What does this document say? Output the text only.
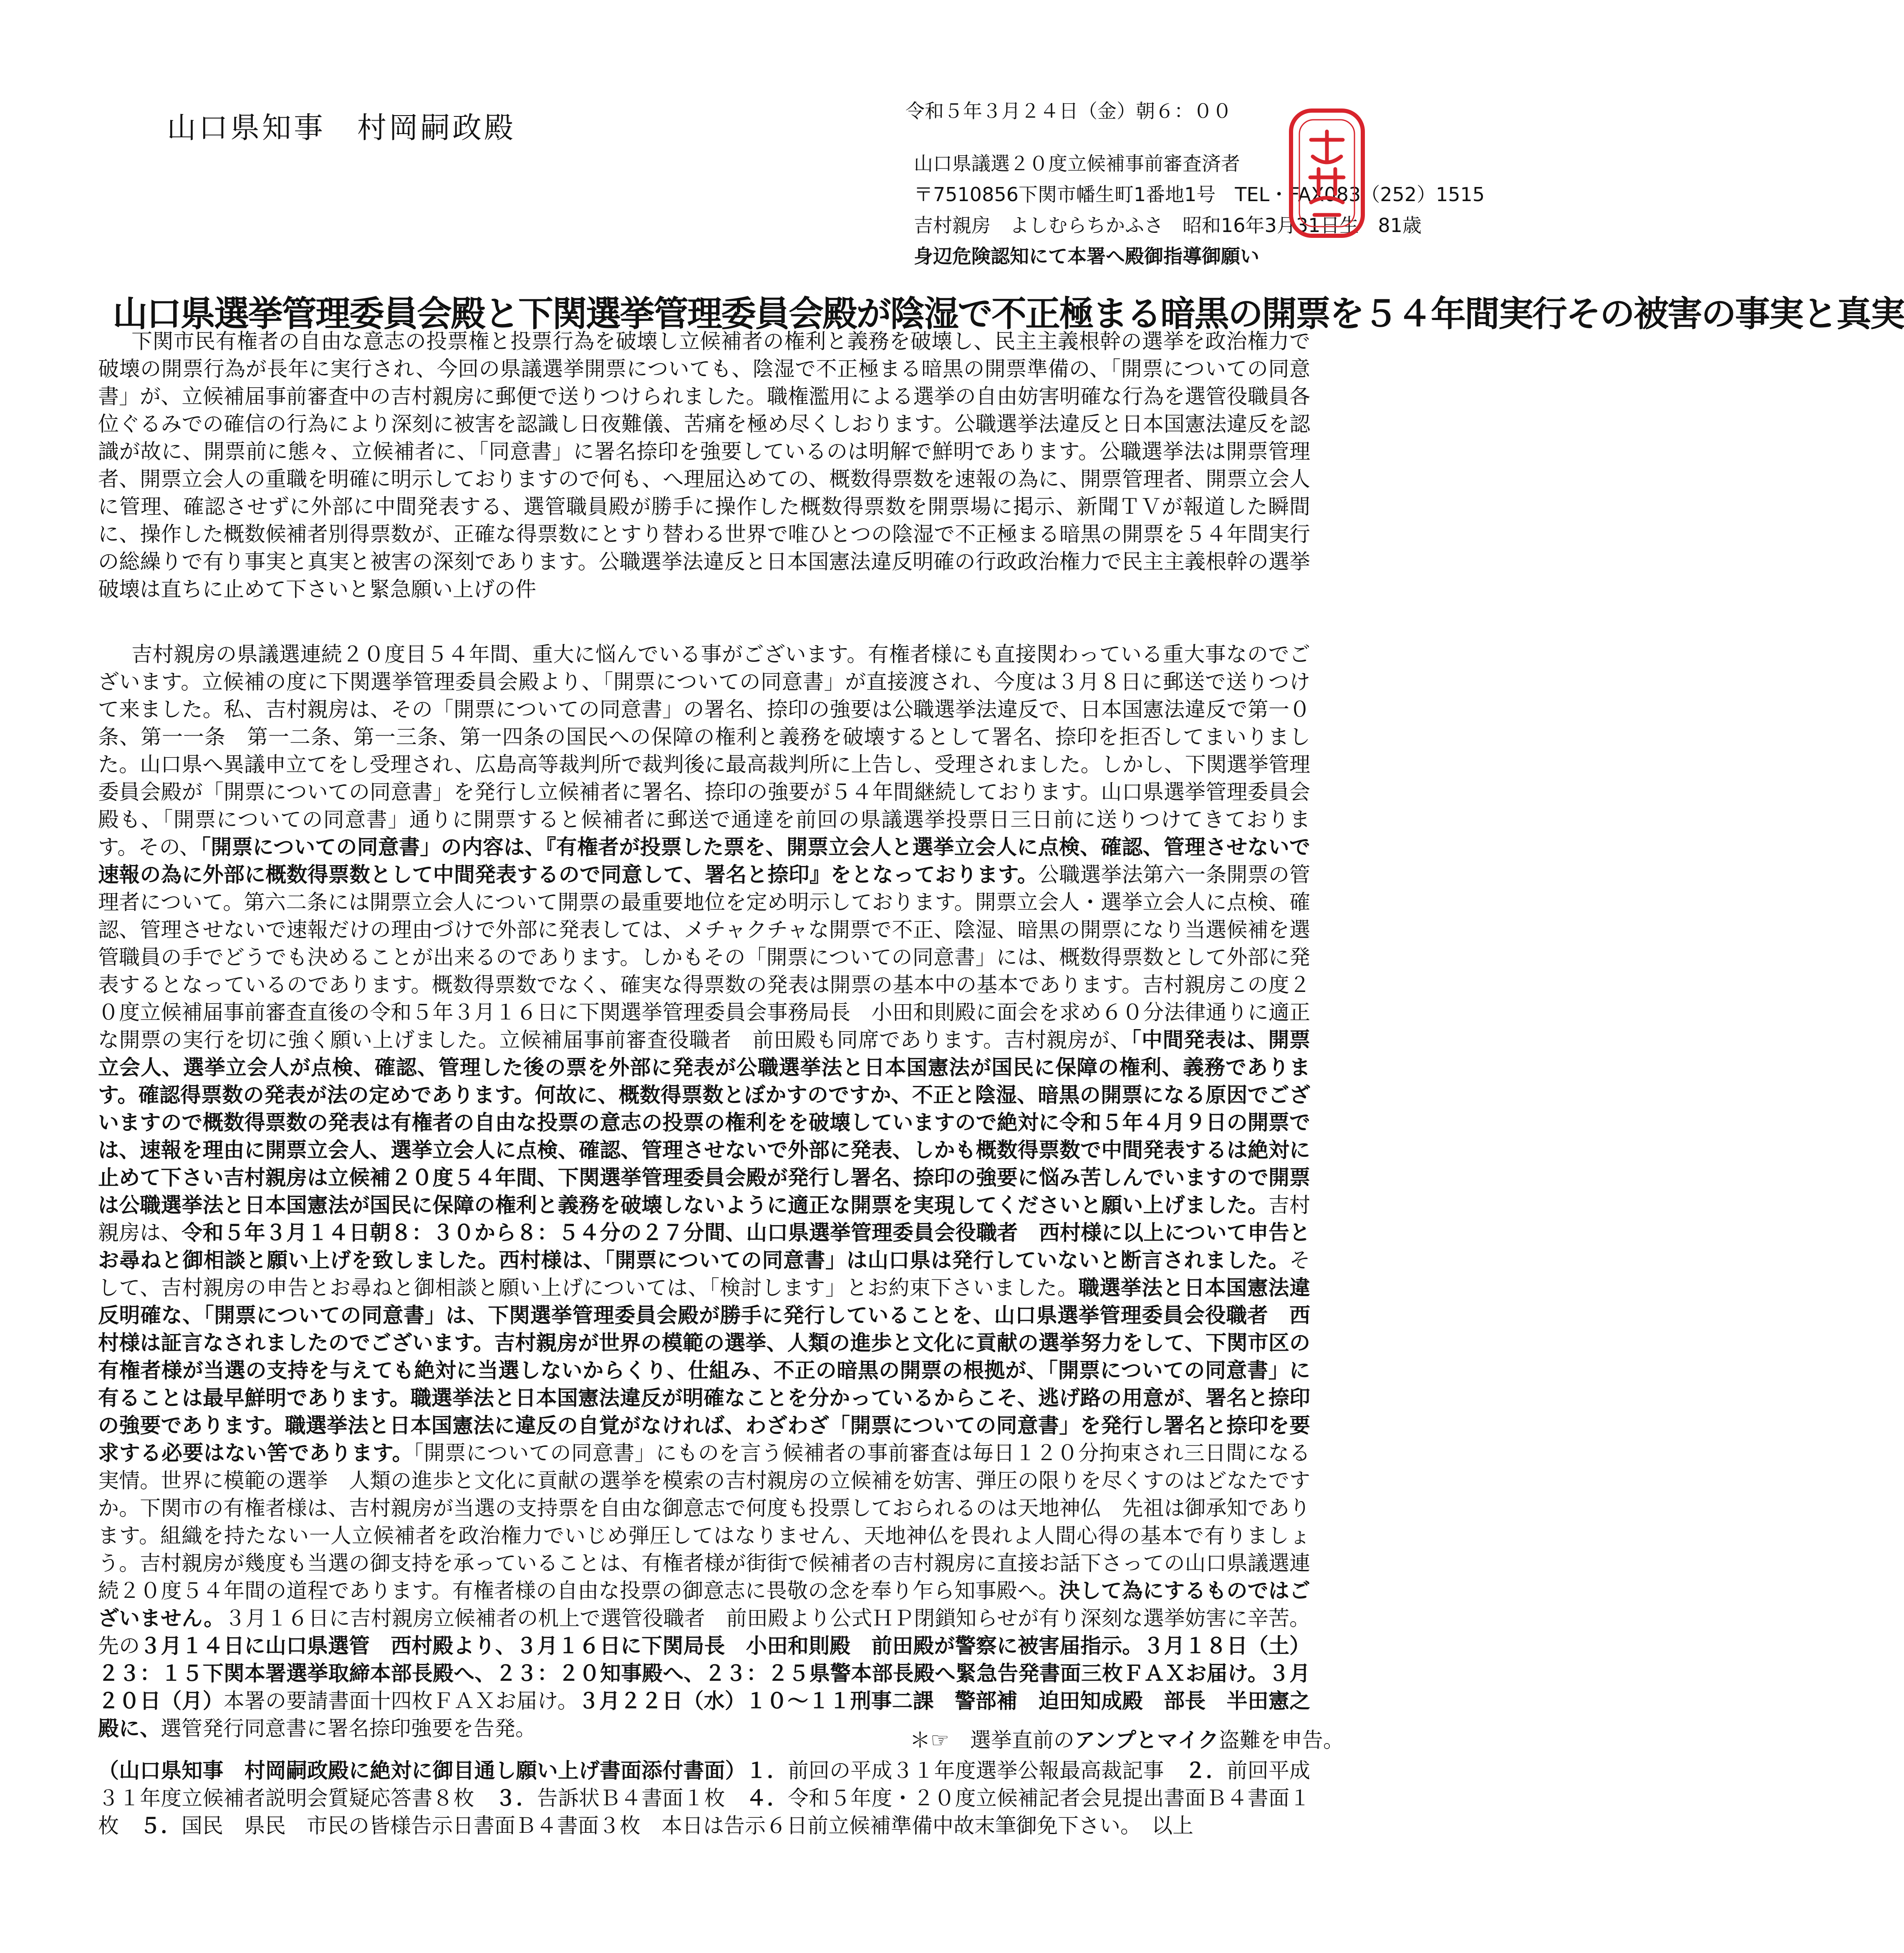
山口県知事　村岡嗣政殿	令和５年３月２４日（金）朝６：００
山口県議選２０度立候補事前審査済者
〒7510856下関市幡生町1番地1号　TEL・FAX083（252）1515
吉村親房　よしむらちかふさ　昭和16年3月31日生　81歳
身辺危険認知にて本署へ殿御指導御願い
山口県選挙管理委員会殿と下関選挙管理委員会殿が陰湿で不正極まる暗黒の開票を５４年間実行その被害の事実と真実

下関市民有権者の自由な意志の投票権と投票行為を破壊し立候補者の権利と義務を破壊し、民主主義根幹の選挙を政治権力で破壊の開票行為が長年に実行され、今回の県議選挙開票についても、陰湿で不正極まる暗黒の開票準備の、「開票についての同意書」が、立候補届事前審査中の吉村親房に郵便で送りつけられました。職権濫用による選挙の自由妨害明確な行為を選管役職員各位ぐるみでの確信の行為により深刻に被害を認識し日夜難儀、苦痛を極め尽くしおります。公職選挙法違反と日本国憲法違反を認識が故に、開票前に態々、立候補者に、「同意書」に署名捺印を強要しているのは明解で鮮明であります。公職選挙法は開票管理者、開票立会人の重職を明確に明示しておりますので何も、へ理屈込めての、概数得票数を速報の為に、開票管理者、開票立会人に管理、確認させずに外部に中間発表する、選管職員殿が勝手に操作した概数得票数を開票場に掲示、新聞ＴＶが報道した瞬間に、操作した概数候補者別得票数が、正確な得票数にとすり替わる世界で唯ひとつの陰湿で不正極まる暗黒の開票を５４年間実行の総繰りで有り事実と真実と被害の深刻であります。公職選挙法違反と日本国憲法違反明確の行政政治権力で民主主義根幹の選挙破壊は直ちに止めて下さいと緊急願い上げの件

吉村親房の県議選連続２０度目５４年間、重大に悩んでいる事がございます。有権者様にも直接関わっている重大事なのでございます。立候補の度に下関選挙管理委員会殿より、「開票についての同意書」が直接渡され、今度は３月８日に郵送で送りつけて来ました。私、吉村親房は、その「開票についての同意書」の署名、捺印の強要は公職選挙法違反で、日本国憲法違反で第一０条、第一一条　第一二条、第一三条、第一四条の国民への保障の権利と義務を破壊するとして署名、捺印を拒否してまいりました。山口県へ異議申立てをし受理され、広島高等裁判所で裁判後に最高裁判所に上告し、受理されました。しかし、下関選挙管理委員会殿が「開票についての同意書」を発行し立候補者に署名、捺印の強要が５４年間継続しております。山口県選挙管理委員会殿も、「開票についての同意書」通りに開票すると候補者に郵送で通達を前回の県議選挙投票日三日前に送りつけてきております。その、「開票についての同意書」の内容は、『有権者が投票した票を、開票立会人と選挙立会人に点検、確認、管理させないで速報の為に外部に概数得票数として中間発表するので同意して、署名と捺印』をとなっております。公職選挙法第六一条開票の管理者について。第六二条には開票立会人について開票の最重要地位を定め明示しております。開票立会人・選挙立会人に点検、確認、管理させないで速報だけの理由づけで外部に発表しては、メチャクチャな開票で不正、陰湿、暗黒の開票になり当選候補を選管職員の手でどうでも決めることが出来るのであります。しかもその「開票についての同意書」には、概数得票数として外部に発表するとなっているのであります。概数得票数でなく、確実な得票数の発表は開票の基本中の基本であります。吉村親房この度２０度立候補届事前審査直後の令和５年３月１６日に下関選挙管理委員会事務局長　小田和則殿に面会を求め６０分法律通りに適正な開票の実行を切に強く願い上げました。立候補届事前審査役職者　前田殿も同席であります。吉村親房が、「中間発表は、開票立会人、選挙立会人が点検、確認、管理した後の票を外部に発表が公職選挙法と日本国憲法が国民に保障の権利、義務であります。確認得票数の発表が法の定めであります。何故に、概数得票数とぼかすのですか、不正と陰湿、暗黒の開票になる原因でございますので概数得票数の発表は有権者の自由な投票の意志の投票の権利をを破壊していますので絶対に令和５年４月９日の開票では、速報を理由に開票立会人、選挙立会人に点検、確認、管理させないで外部に発表、しかも概数得票数で中間発表するは絶対に止めて下さい吉村親房は立候補２０度５４年間、下関選挙管理委員会殿が発行し署名、捺印の強要に悩み苦しんでいますので開票は公職選挙法と日本国憲法が国民に保障の権利と義務を破壊しないように適正な開票を実現してくださいと願い上げました。吉村親房は、令和５年３月１４日朝８：３０から８：５４分の２７分間、山口県選挙管理委員会役職者　西村様に以上について申告とお尋ねと御相談と願い上げを致しました。西村様は、「開票についての同意書」は山口県は発行していないと断言されました。そして、吉村親房の申告とお尋ねと御相談と願い上げについては、「検討します」とお約束下さいました。職選挙法と日本国憲法違反明確な、「開票についての同意書」は、下関選挙管理委員会殿が勝手に発行していることを、山口県選挙管理委員会役職者　西村様は証言なされましたのでございます。吉村親房が世界の模範の選挙、人類の進歩と文化に貢献の選挙努力をして、下関市区の有権者様が当選の支持を与えても絶対に当選しないからくり、仕組み、不正の暗黒の開票の根拠が、「開票についての同意書」に有ることは最早鮮明であります。職選挙法と日本国憲法違反が明確なことを分かっているからこそ、逃げ路の用意が、署名と捺印の強要であります。職選挙法と日本国憲法に違反の自覚がなければ、わざわざ「開票についての同意書」を発行し署名と捺印を要求する必要はない筈であります。「開票についての同意書」にものを言う候補者の事前審査は毎日１２０分拘束され三日間になる実情。世界に模範の選挙　人類の進歩と文化に貢献の選挙を模索の吉村親房の立候補を妨害、弾圧の限りを尽くすのはどなたですか。下関市の有権者様は、吉村親房が当選の支持票を自由な御意志で何度も投票しておられるのは天地神仏　先祖は御承知であります。組織を持たない一人立候補者を政治権力でいじめ弾圧してはなりません、天地神仏を畏れよ人間心得の基本で有りましょう。吉村親房が幾度も当選の御支持を承っていることは、有権者様が街街で候補者の吉村親房に直接お話下さっての山口県議選連続２０度５４年間の道程であります。有権者様の自由な投票の御意志に畏敬の念を奉り乍ら知事殿へ。決して為にするものではございません。３月１６日に吉村親房立候補者の机上で選管役職者　前田殿より公式ＨＰ閉鎖知らせが有り深刻な選挙妨害に辛苦。先の３月１４日に山口県選管　西村殿より、３月１６日に下関局長　小田和則殿　前田殿が警察に被害届指示。３月１８日（土）２３：１５下関本署選挙取締本部長殿へ、２３：２０知事殿へ、２３：２５県警本部長殿へ緊急告発書面三枚ＦＡＸお届け。３月２０日（月）本署の要請書面十四枚ＦＡＸお届け。３月２２日（水）１０～１１刑事二課　警部補　迫田知成殿　部長　半田憲之殿に、選管発行同意書に署名捺印強要を告発。	＊☞　選挙直前のアンプとマイク盗難を申告。

（山口県知事　村岡嗣政殿に絶対に御目通し願い上げ書面添付書面）１．前回の平成３１年度選挙公報最高裁記事　２．前回平成３１年度立候補者説明会質疑応答書８枚　３．告訴状Ｂ４書面１枚　４．令和５年度・２０度立候補記者会見提出書面Ｂ４書面１枚　５．国民　県民　市民の皆様告示日書面Ｂ４書面３枚　本日は告示６日前立候補準備中故末筆御免下さい。　以上
